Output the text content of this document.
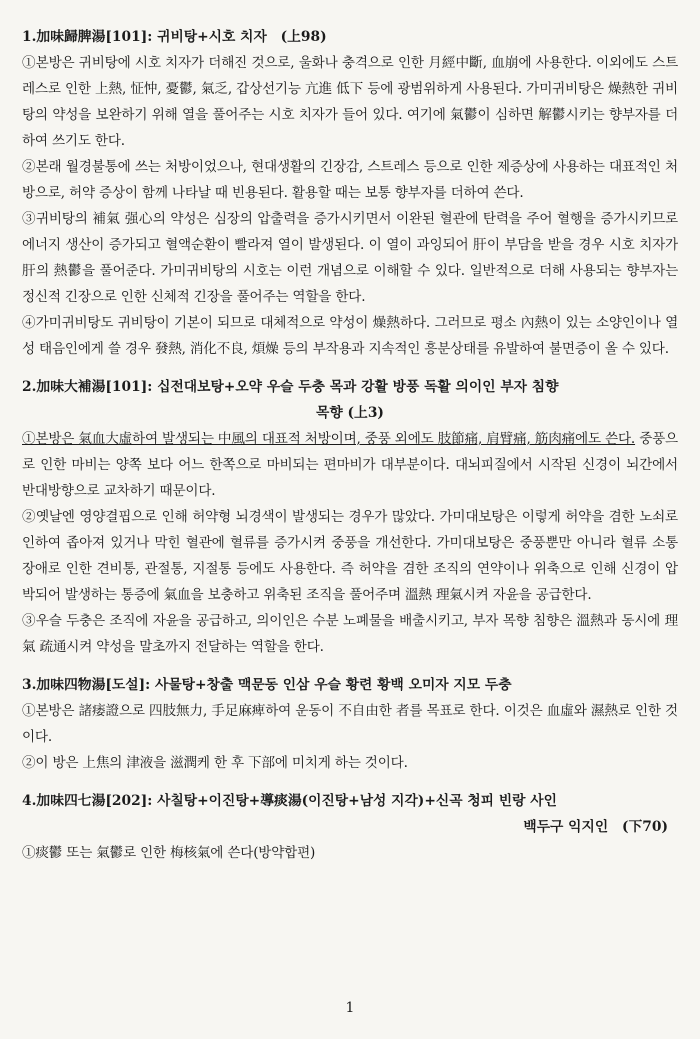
1.加味歸脾湯[101]: 귀비탕+시호 치자　(上98)

①본방은 귀비탕에 시호 치자가 더해진 것으로, 울화나 충격으로 인한 月經中斷, 血崩에 사용한다. 이외에도 스트레스로 인한 上熱, 怔忡, 憂鬱, 氣乏, 갑상선기능 亢進 低下 등에 광범위하게 사용된다. 가미귀비탕은 燥熱한 귀비탕의 약성을 보완하기 위해 열을 풀어주는 시호 치자가 들어 있다. 여기에 氣鬱이 심하면 解鬱시키는 향부자를 더하여 쓰기도 한다.

②본래 월경불통에 쓰는 처방이었으나, 현대생활의 긴장감, 스트레스 등으로 인한 제증상에 사용하는 대표적인 처방으로, 허약 증상이 함께 나타날 때 빈용된다. 활용할 때는 보통 향부자를 더하여 쓴다.

③귀비탕의 補氣 强心의 약성은 심장의 압출력을 증가시키면서 이완된 혈관에 탄력을 주어 혈행을 증가시키므로 에너지 생산이 증가되고 혈액순환이 빨라져 열이 발생된다. 이 열이 과잉되어 肝이 부담을 받을 경우 시호 치자가 肝의 熱鬱을 풀어준다. 가미귀비탕의 시호는 이런 개념으로 이해할 수 있다. 일반적으로 더해 사용되는 향부자는 정신적 긴장으로 인한 신체적 긴장을 풀어주는 역할을 한다.

④가미귀비탕도 귀비탕이 기본이 되므로 대체적으로 약성이 燥熱하다. 그러므로 평소 內熱이 있는 소양인이나 열성 태음인에게 쓸 경우 發熱, 消化不良, 煩燥 등의 부작용과 지속적인 흥분상태를 유발하여 불면증이 올 수 있다.

2.加味大補湯[101]: 십전대보탕+오약 우슬 두충 목과 강활 방풍 독활 의이인 부자 침향

목향 (上3)

①본방은 氣血大虛하여 발생되는 中風의 대표적 처방이며, 중풍 외에도 肢節痛, 肩臂痛, 筋肉痛에도 쓴다. 중풍으로 인한 마비는 양쪽 보다 어느 한쪽으로 마비되는 편마비가 대부분이다. 대뇌피질에서 시작된 신경이 뇌간에서 반대방향으로 교차하기 때문이다.

②옛날엔 영양결핍으로 인해 허약형 뇌경색이 발생되는 경우가 많았다. 가미대보탕은 이렇게 허약을 겸한 노쇠로 인하여 좁아져 있거나 막힌 혈관에 혈류를 증가시켜 중풍을 개선한다. 가미대보탕은 중풍뿐만 아니라 혈류 소통 장애로 인한 견비통, 관절통, 지절통 등에도 사용한다. 즉 허약을 겸한 조직의 연약이나 위축으로 인해 신경이 압박되어 발생하는 통증에 氣血을 보충하고 위축된 조직을 풀어주며 溫熱 理氣시켜 자윤을 공급한다.

③우슬 두충은 조직에 자윤을 공급하고, 의이인은 수분 노폐물을 배출시키고, 부자 목향 침향은 溫熱과 동시에 理氣 疏通시켜 약성을 말초까지 전달하는 역할을 한다.

3.加味四物湯[도설]: 사물탕+창출 맥문동 인삼 우슬 황련 황백 오미자 지모 두충

①본방은 諸痿證으로 四肢無力, 手足麻痺하여 운동이 不自由한 者를 목표로 한다. 이것은 血虛와 濕熱로 인한 것이다.

②이 방은 上焦의 津液을 滋潤케 한 후 下部에 미치게 하는 것이다.

4.加味四七湯[202]: 사칠탕+이진탕+導痰湯(이진탕+남성 지각)+신곡 청피 빈랑 사인

백두구 익지인　(下70)

①痰鬱 또는 氣鬱로 인한 梅核氣에 쓴다(방약합편)

1
